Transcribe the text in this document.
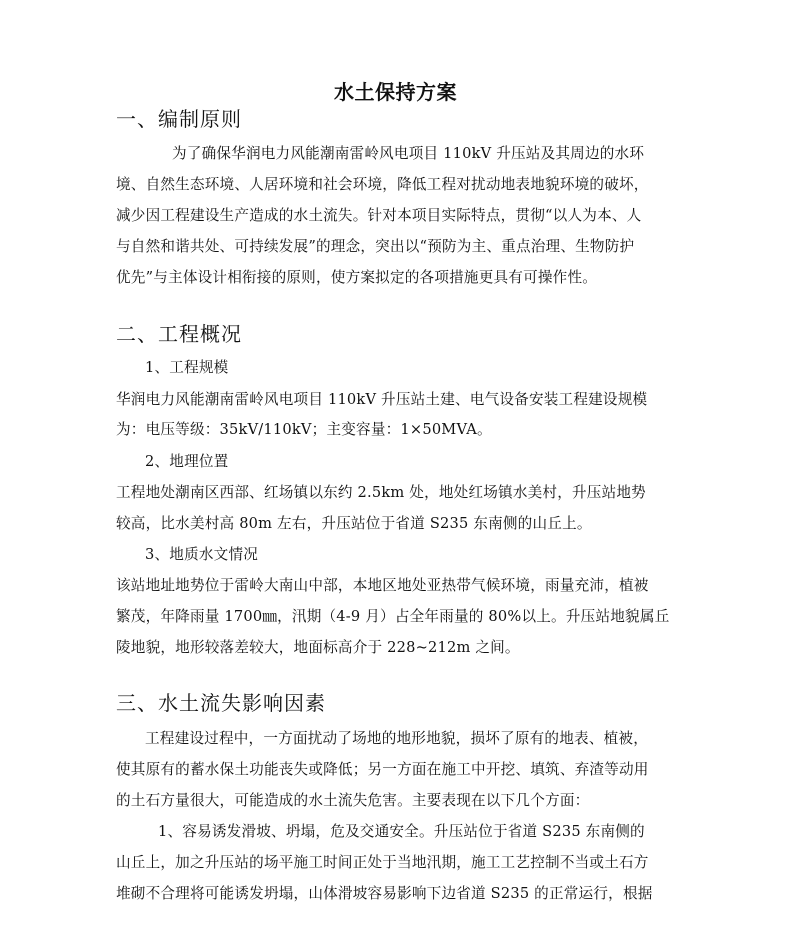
水土保持方案
一、编制原则
为了确保华润电力风能潮南雷岭风电项目 110kV 升压站及其周边的水环
境、自然生态环境、人居环境和社会环境，降低工程对扰动地表地貌环境的破坏，
减少因工程建设生产造成的水土流失。针对本项目实际特点，贯彻“以人为本、人
与自然和谐共处、可持续发展”的理念，突出以“预防为主、重点治理、生物防护
优先”与主体设计相衔接的原则，使方案拟定的各项措施更具有可操作性。
二、工程概况
1、工程规模
华润电力风能潮南雷岭风电项目 110kV 升压站土建、电气设备安装工程建设规模
为：电压等级：35kV/110kV；主变容量：1×50MVA。
2、地理位置
工程地处潮南区西部、红场镇以东约 2.5km 处，地处红场镇水美村，升压站地势
较高，比水美村高 80m 左右，升压站位于省道 S235 东南侧的山丘上。
3、地质水文情况
该站地址地势位于雷岭大南山中部，本地区地处亚热带气候环境，雨量充沛，植被
繁茂，年降雨量 1700㎜，汛期（4-9 月）占全年雨量的 80%以上。升压站地貌属丘
陵地貌，地形较落差较大，地面标高介于 228~212m 之间。
三、水土流失影响因素
工程建设过程中，一方面扰动了场地的地形地貌，损坏了原有的地表、植被，
使其原有的蓄水保土功能丧失或降低；另一方面在施工中开挖、填筑、弃渣等动用
的土石方量很大，可能造成的水土流失危害。主要表现在以下几个方面：
1、容易诱发滑坡、坍塌，危及交通安全。升压站位于省道 S235 东南侧的
山丘上，加之升压站的场平施工时间正处于当地汛期，施工工艺控制不当或土石方
堆砌不合理将可能诱发坍塌，山体滑坡容易影响下边省道 S235 的正常运行，根据
